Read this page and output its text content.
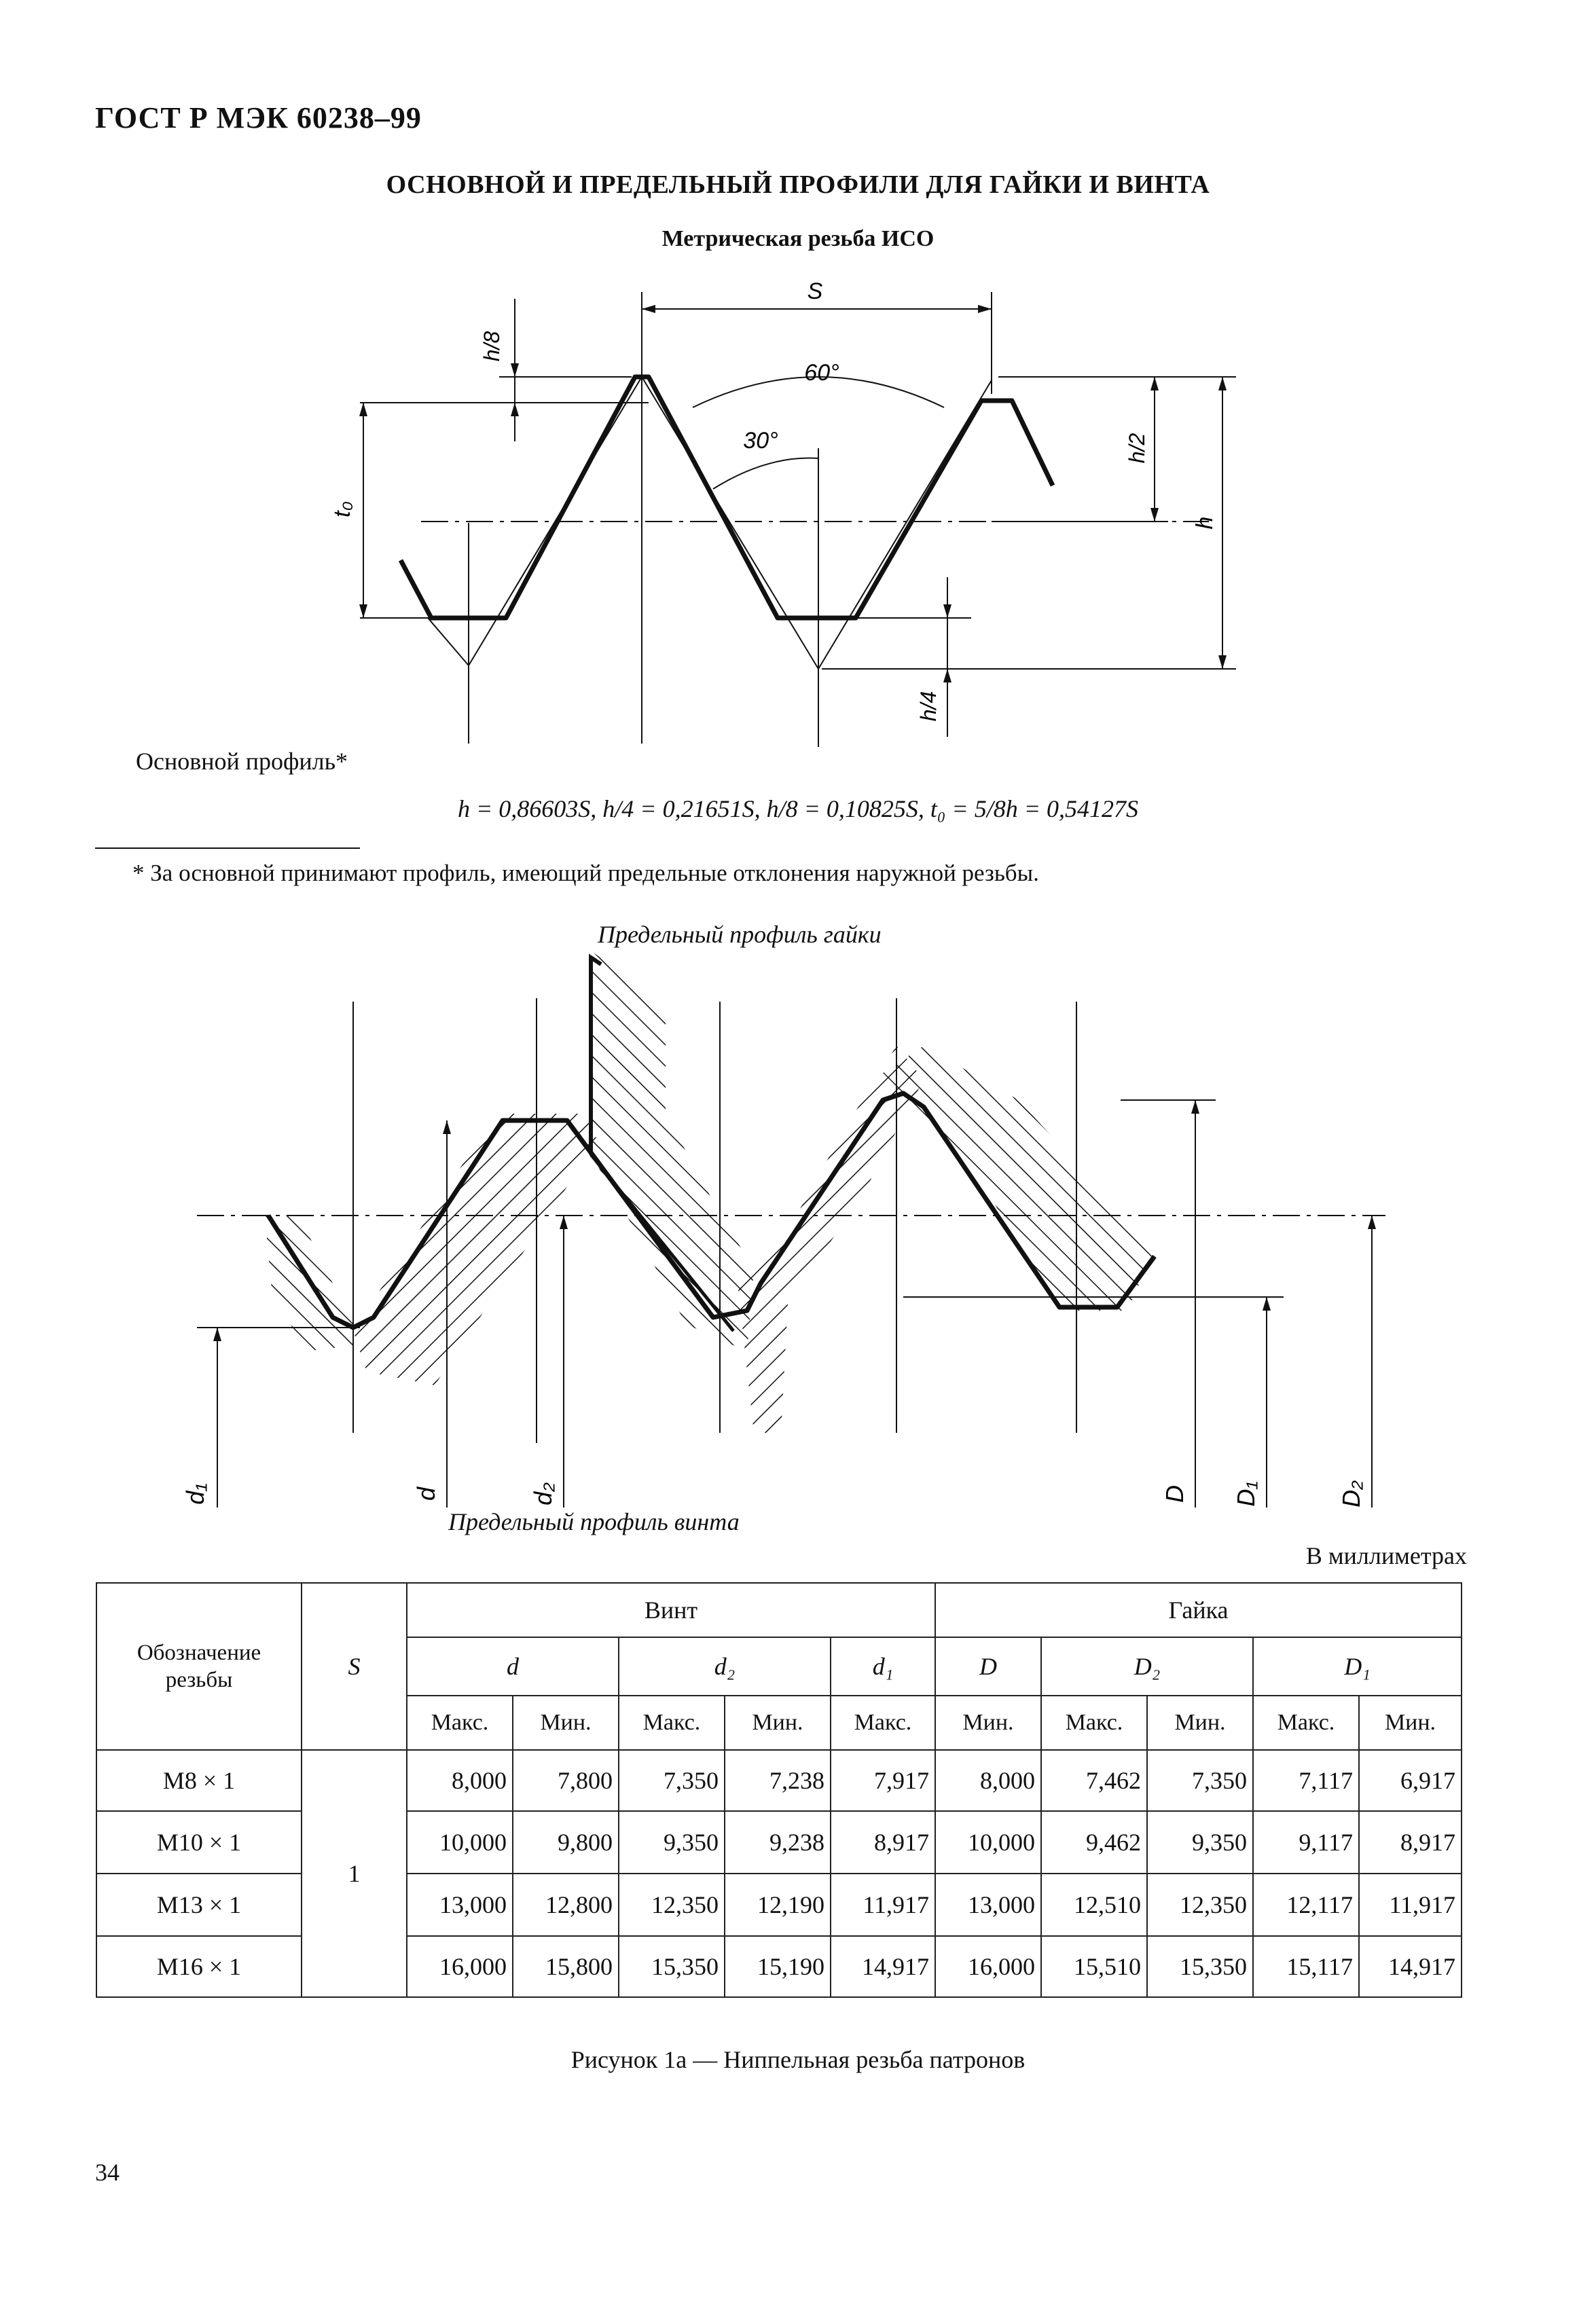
ГОСТ Р МЭК 60238–99
ОСНОВНОЙ И ПРЕДЕЛЬНЫЙ ПРОФИЛИ ДЛЯ ГАЙКИ И ВИНТА
Метрическая резьба ИСО
S
60°
30°
h/8
t₀
h/2
h
h/4
Основной профиль*
h = 0,86603S, h/4 = 0,21651S, h/8 = 0,10825S, t₀ = 5/8h = 0,54127S
* За основной принимают профиль, имеющий предельные отклонения наружной резьбы.
Предельный профиль гайки
d₁	d	d₂	D D₁	D₂
Предельный профиль винта
В миллиметрах
Обозначение резьбы	S	Винт					Гайка				
		d		d₂		d₁	D	D₂		D₁	
		Макс.	Мин.	Макс.	Мин.	Макс.	Мин.	Макс.	Мин.	Макс.	Мин.
M8 × 1	1	8,000	7,800	7,350	7,238	7,917	8,000	7,462	7,350	7,117	6,917
M10 × 1		10,000	9,800	9,350	9,238	8,917	10,000	9,462	9,350	9,117	8,917
M13 × 1		13,000	12,800	12,350	12,190	11,917	13,000	12,510	12,350	12,117	11,917
M16 × 1		16,000	15,800	15,350	15,190	14,917	16,000	15,510	15,350	15,117	14,917
Рисунок 1а — Ниппельная резьба патронов
34
